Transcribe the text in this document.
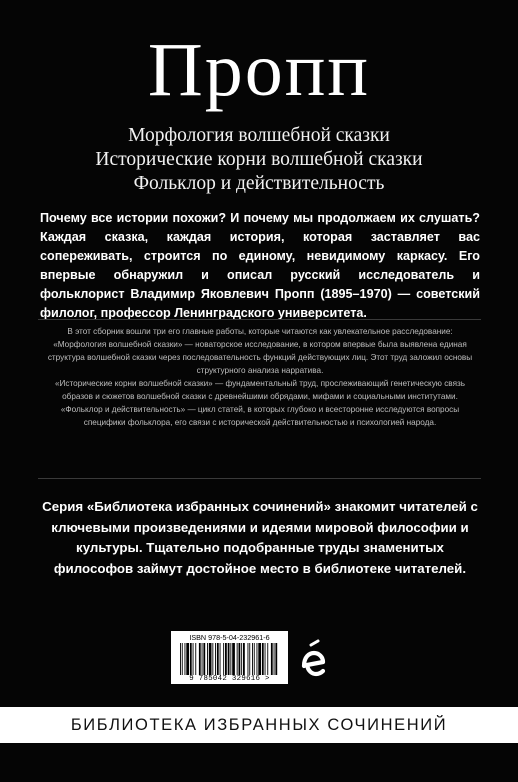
Пропп
Морфология волшебной сказки
Исторические корни волшебной сказки
Фольклор и действительность
Почему все истории похожи? И почему мы продолжаем их слушать? Каждая сказка, каждая история, которая заставляет вас сопереживать, строится по единому, невидимому каркасу. Его впервые обнаружил и описал русский исследователь и фольклорист Владимир Яковлевич Пропп (1895–1970) — советский филолог, профессор Ленинградского университета.

В этот сборник вошли три его главные работы, которые читаются как увлекательное расследование:

«Морфология волшебной сказки» — новаторское исследование, в котором впервые была выявлена единая структура волшебной сказки через последовательность функций действующих лиц. Этот труд заложил основы структурного анализа нарратива.

«Исторические корни волшебной сказки» — фундаментальный труд, прослеживающий генетическую связь образов и сюжетов волшебной сказки с древнейшими обрядами, мифами и социальными институтами.

«Фольклор и действительность» — цикл статей, в которых глубоко и всесторонне исследуются вопросы специфики фольклора, его связи с исторической действительностью и психологией народа.

Серия «Библиотека избранных сочинений» знакомит читателей с ключевыми произведениями и идеями мировой философии и культуры. Тщательно подобранные труды знаменитых философов займут достойное место в библиотеке читателей.
ISBN 978-5-04-232961-6
9 785042 329616 >
БИБЛИОТЕКА ИЗБРАННЫХ СОЧИНЕНИЙ
